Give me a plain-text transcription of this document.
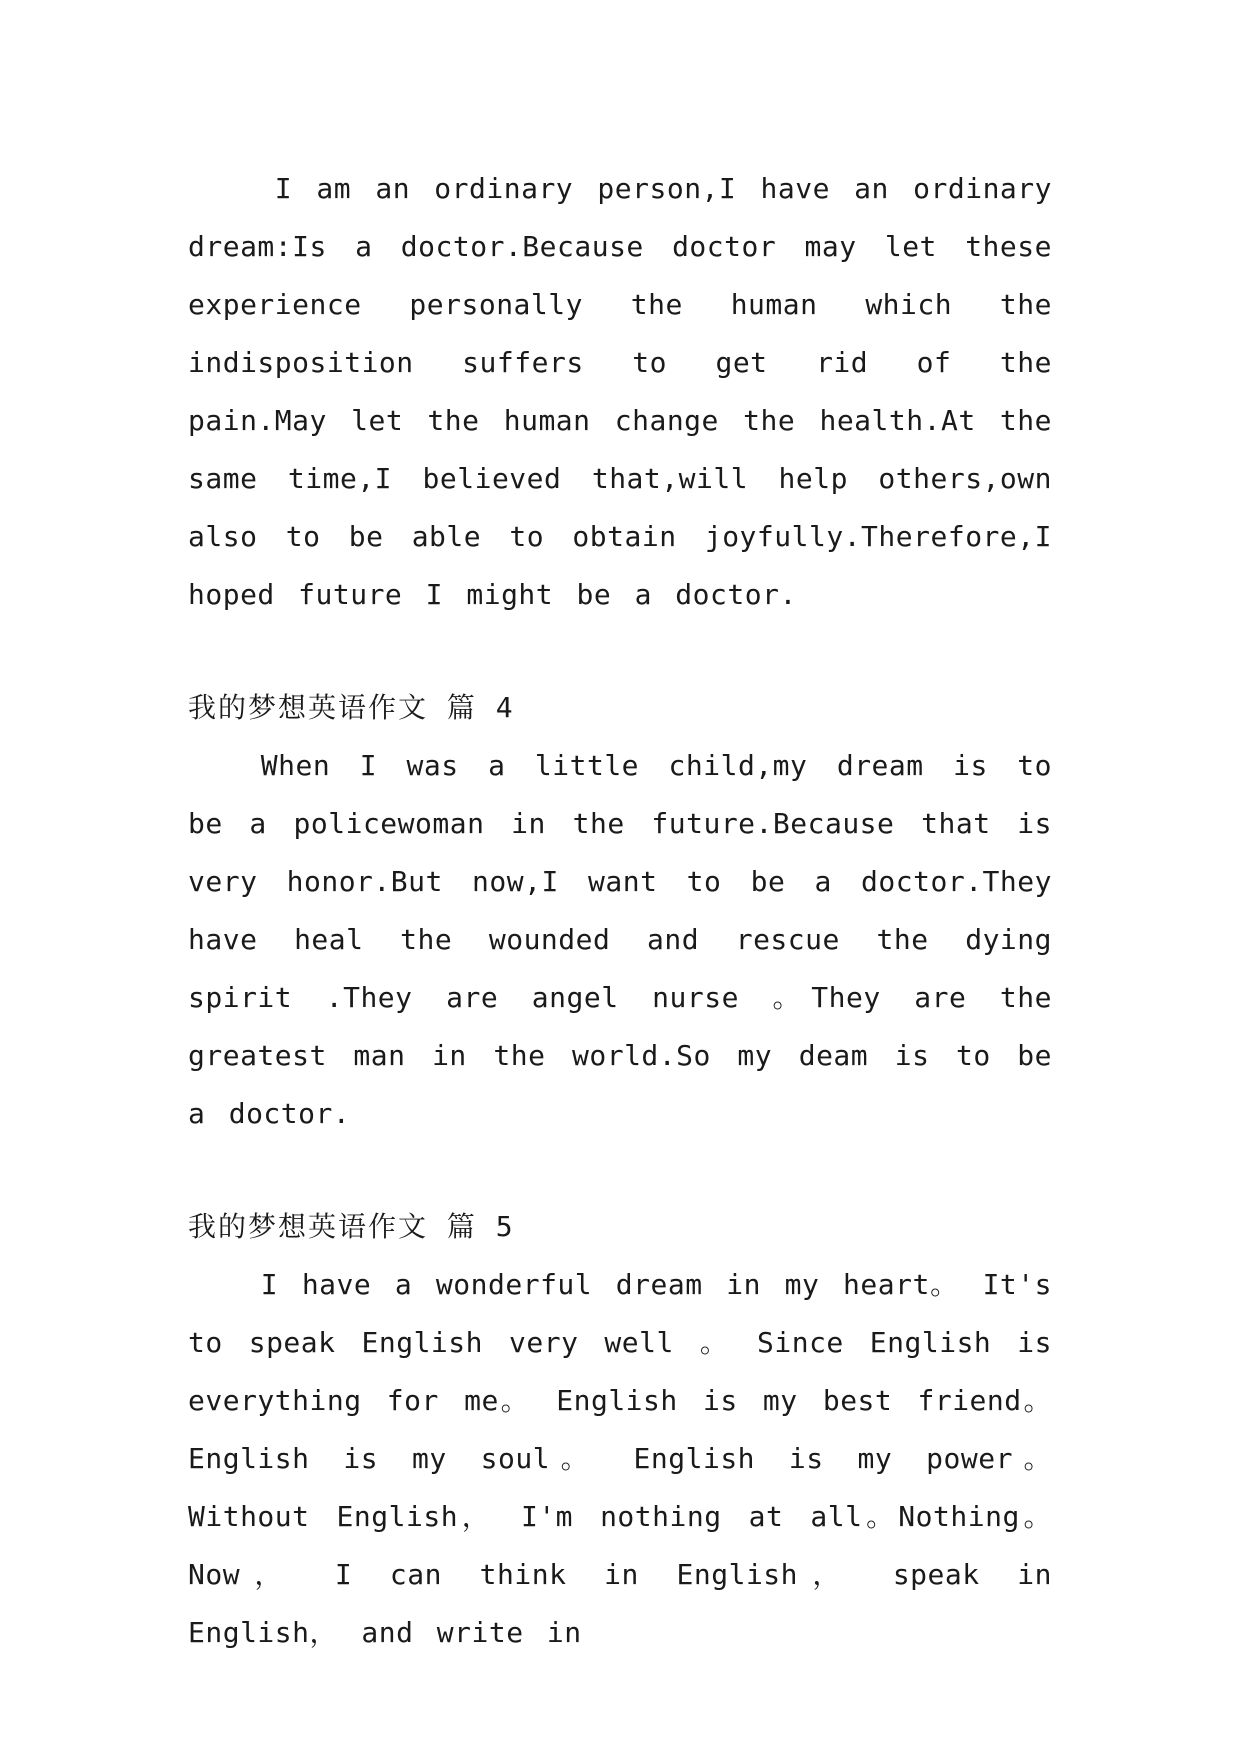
I am an ordinary person,I have an ordinary dream:Is a doctor.Because doctor may let these experience personally the human which the indisposition suffers to get rid of the pain.May let the human change the health.At the same time,I believed that,will help others,own also to be able to obtain joyfully.Therefore,I hoped future I might be a doctor.

我的梦想英语作文 篇 4

When I was a little child,my dream is to be a policewoman in the future.Because that is very honor.But now,I want to be a doctor.They have heal the wounded and rescue the dying spirit .They are angel nurse 。They are the greatest man in the world.So my deam is to be a doctor.

我的梦想英语作文 篇 5

I have a wonderful dream in my heart。 It's to speak English very well 。 Since English is everything for me。 English is my best friend。 English is my soul。 English is my power。 Without English， I'm nothing at all。Nothing。Now， I can think in English， speak in English， and write in
